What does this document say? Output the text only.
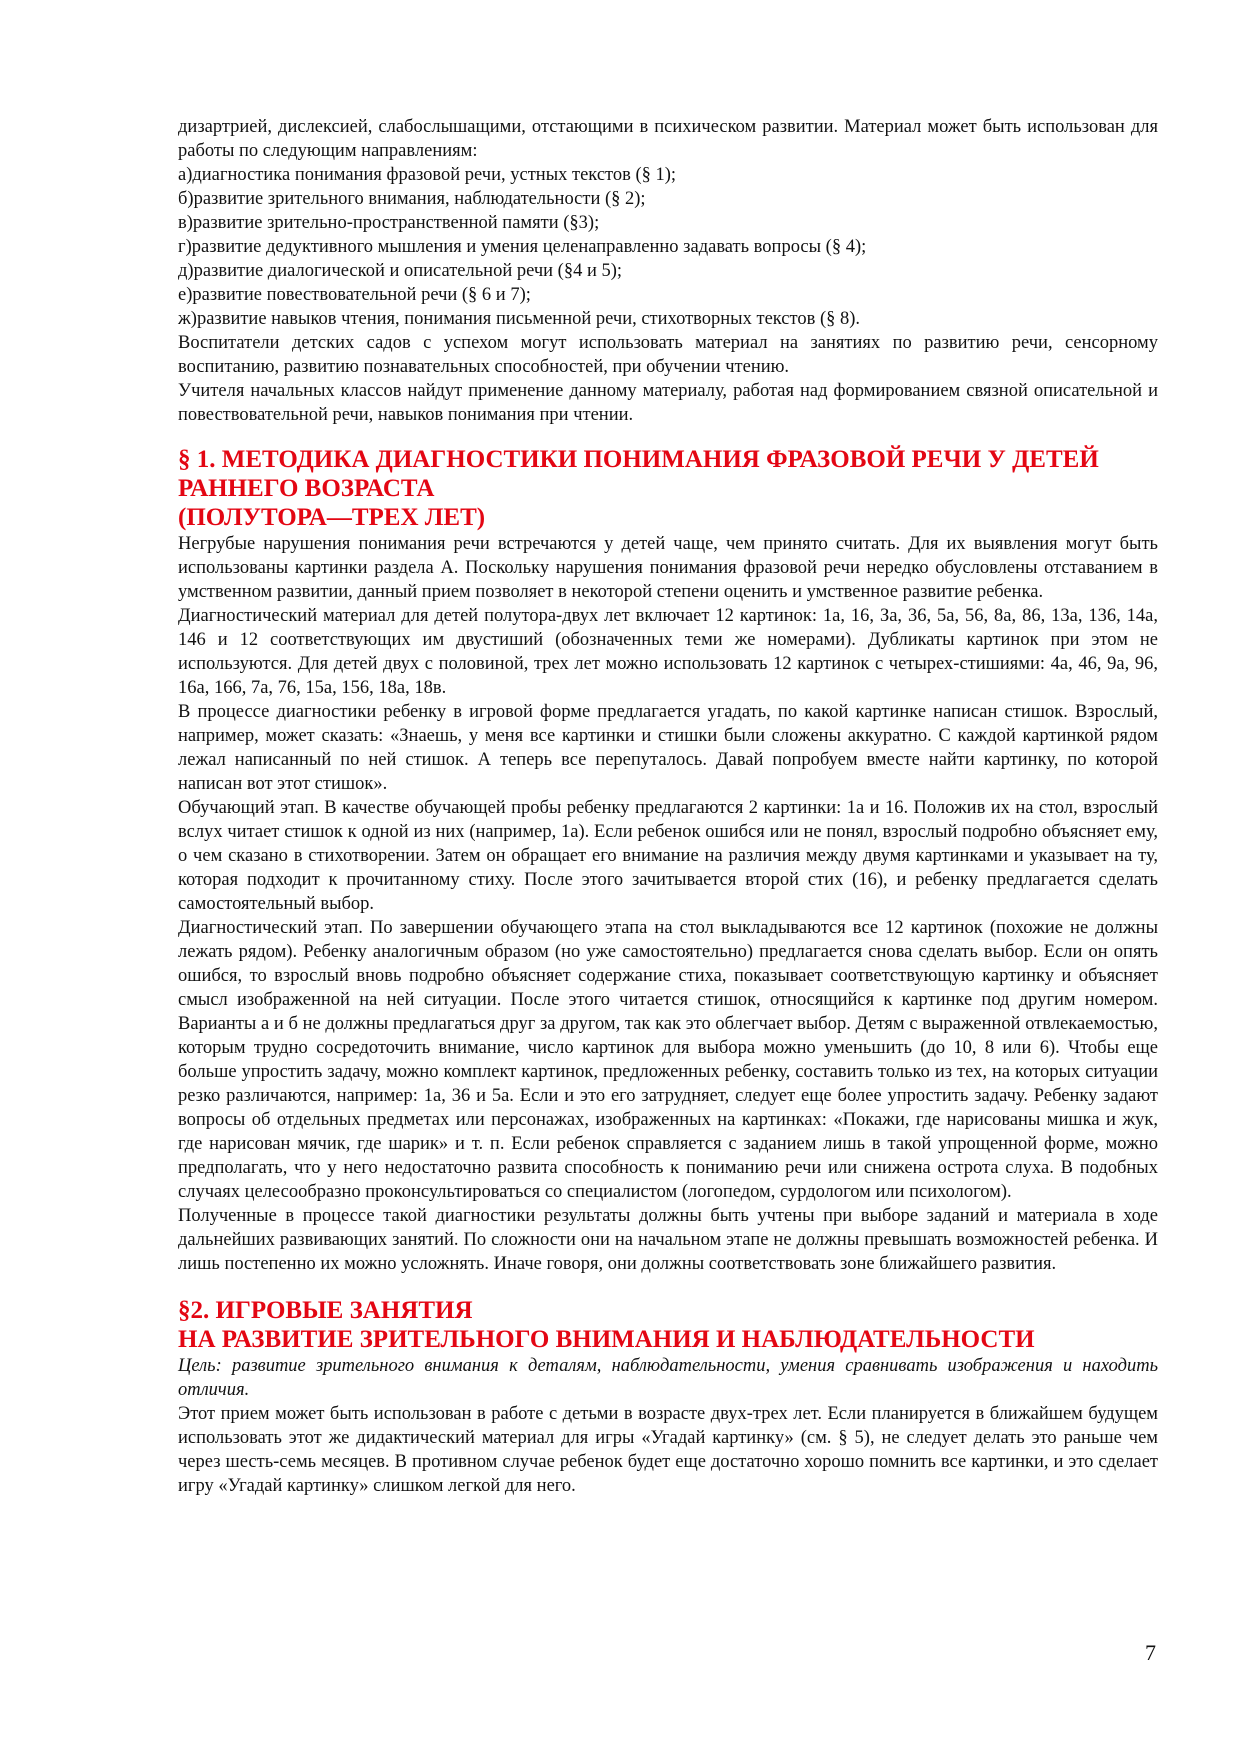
дизартрией, дислексией, слабослышащими, отстающими в психическом развитии. Материал может быть использован для работы по следующим направлениям:

а)диагностика понимания фразовой речи, устных текстов (§ 1);

б)развитие зрительного внимания, наблюдательности (§ 2);

в)развитие зрительно-пространственной памяти (§3);

г)развитие дедуктивного мышления и умения целенаправленно задавать вопросы (§ 4);

д)развитие диалогической и описательной речи (§4 и 5);

е)развитие повествовательной речи (§ 6 и 7);

ж)развитие навыков чтения, понимания письменной речи, стихотворных текстов (§ 8).

Воспитатели детских садов с успехом могут использовать материал на занятиях по развитию речи, сенсорному воспитанию, развитию познавательных способностей, при обучении чтению.

Учителя начальных классов найдут применение данному материалу, работая над формированием связной описательной и повествовательной речи, навыков понимания при чтении.

§ 1. МЕТОДИКА ДИАГНОСТИКИ ПОНИМАНИЯ ФРАЗОВОЙ РЕЧИ У ДЕТЕЙ
РАННЕГО ВОЗРАСТА
(ПОЛУТОРА—ТРЕХ ЛЕТ)

Негрубые нарушения понимания речи встречаются у детей чаще, чем принято считать. Для их выявления могут быть использованы картинки раздела А. Поскольку нарушения понимания фразовой речи нередко обусловлены отставанием в умственном развитии, данный прием позволяет в некоторой степени оценить и умственное развитие ребенка.

Диагностический материал для детей полутора-двух лет включает 12 картинок: 1а, 16, За, 36, 5а, 56, 8а, 86, 13а, 136, 14а, 146 и 12 соответствующих им двустиший (обозначенных теми же номерами). Дубликаты картинок при этом не используются. Для детей двух с половиной, трех лет можно использовать 12 картинок с четырех-стишиями: 4а, 46, 9а, 96, 16а, 166, 7а, 76, 15а, 156, 18а, 18в.

В процессе диагностики ребенку в игровой форме предлагается угадать, по какой картинке написан стишок. Взрослый, например, может сказать: «Знаешь, у меня все картинки и стишки были сложены аккуратно. С каждой картинкой рядом лежал написанный по ней стишок. А теперь все перепуталось. Давай попробуем вместе найти картинку, по которой написан вот этот стишок».

Обучающий этап. В качестве обучающей пробы ребенку предлагаются 2 картинки: 1а и 16. Положив их на стол, взрослый вслух читает стишок к одной из них (например, 1а). Если ребенок ошибся или не понял, взрослый подробно объясняет ему, о чем сказано в стихотворении. Затем он обращает его внимание на различия между двумя картинками и указывает на ту, которая подходит к прочитанному стиху. После этого зачитывается второй стих (16), и ребенку предлагается сделать самостоятельный выбор.

Диагностический этап. По завершении обучающего этапа на стол выкладываются все 12 картинок (похожие не должны лежать рядом). Ребенку аналогичным образом (но уже самостоятельно) предлагается снова сделать выбор. Если он опять ошибся, то взрослый вновь подробно объясняет содержание стиха, показывает соответствующую картинку и объясняет смысл изображенной на ней ситуации. После этого читается стишок, относящийся к картинке под другим номером. Варианты а и б не должны предлагаться друг за другом, так как это облегчает выбор. Детям с выраженной отвлекаемостью, которым трудно сосредоточить внимание, число картинок для выбора можно уменьшить (до 10, 8 или 6). Чтобы еще больше упростить задачу, можно комплект картинок, предложенных ребенку, составить только из тех, на которых ситуации резко различаются, например: 1а, 36 и 5а. Если и это его затрудняет, следует еще более упростить задачу. Ребенку задают вопросы об отдельных предметах или персонажах, изображенных на картинках: «Покажи, где нарисованы мишка и жук, где нарисован мячик, где шарик» и т. п. Если ребенок справляется с заданием лишь в такой упрощенной форме, можно предполагать, что у него недостаточно развита способность к пониманию речи или снижена острота слуха. В подобных случаях целесообразно проконсультироваться со специалистом (логопедом, сурдологом или психологом).

Полученные в процессе такой диагностики результаты должны быть учтены при выборе заданий и материала в ходе дальнейших развивающих занятий. По сложности они на начальном этапе не должны превышать возможностей ребенка. И лишь постепенно их можно усложнять. Иначе говоря, они должны соответствовать зоне ближайшего развития.

§2. ИГРОВЫЕ ЗАНЯТИЯ
НА РАЗВИТИЕ ЗРИТЕЛЬНОГО ВНИМАНИЯ И НАБЛЮДАТЕЛЬНОСТИ

Цель: развитие зрительного внимания к деталям, наблюдательности, умения сравнивать изображения и находить отличия.

Этот прием может быть использован в работе с детьми в возрасте двух-трех лет. Если планируется в ближайшем будущем использовать этот же дидактический материал для игры «Угадай картинку» (см. § 5), не следует делать это раньше чем через шесть-семь месяцев. В противном случае ребенок будет еще достаточно хорошо помнить все картинки, и это сделает игру «Угадай картинку» слишком легкой для него.

7
